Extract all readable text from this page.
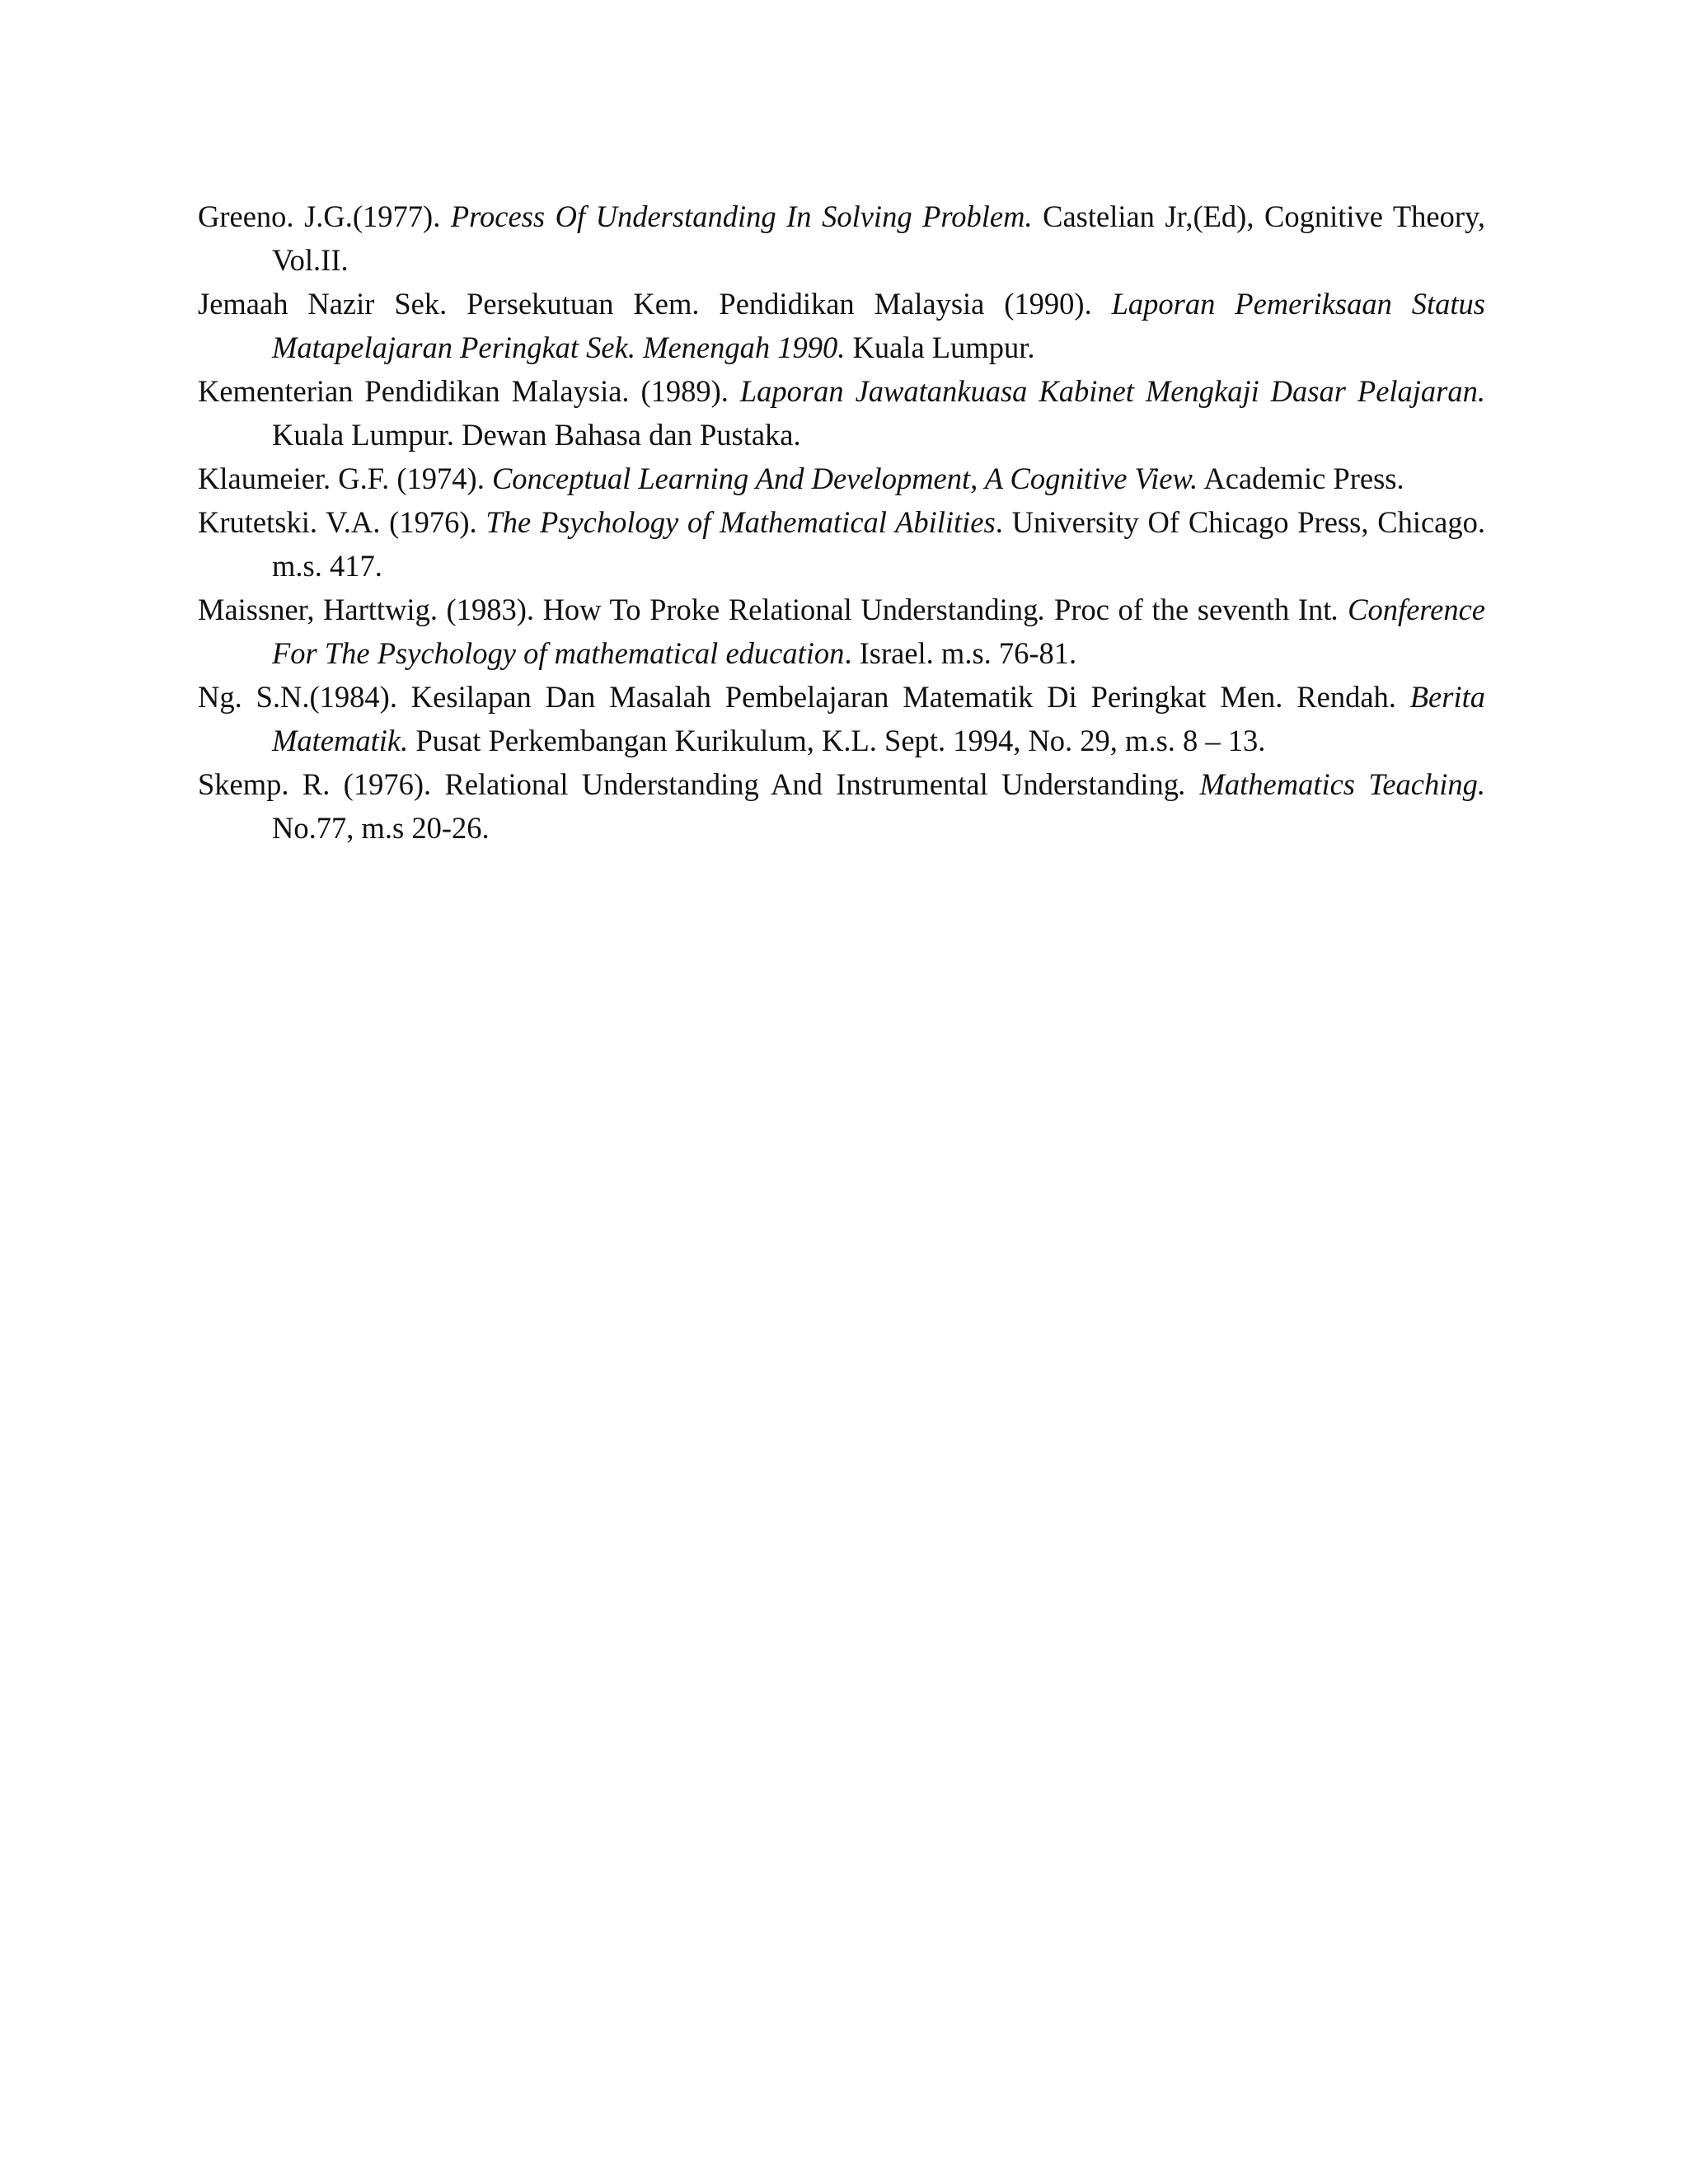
Greeno. J.G.(1977). Process Of Understanding In Solving Problem. Castelian Jr,(Ed), Cognitive Theory, Vol.II.

Jemaah Nazir Sek. Persekutuan Kem. Pendidikan Malaysia (1990). Laporan Pemeriksaan Status Matapelajaran Peringkat Sek. Menengah 1990. Kuala Lumpur.

Kementerian Pendidikan Malaysia. (1989). Laporan Jawatankuasa Kabinet Mengkaji Dasar Pelajaran. Kuala Lumpur. Dewan Bahasa dan Pustaka.

Klaumeier. G.F. (1974). Conceptual Learning And Development, A Cognitive View. Academic Press.

Krutetski. V.A. (1976). The Psychology of Mathematical Abilities. University Of Chicago Press, Chicago. m.s. 417.

Maissner, Harttwig. (1983). How To Proke Relational Understanding. Proc of the seventh Int. Conference For The Psychology of mathematical education. Israel. m.s. 76-81.

Ng. S.N.(1984). Kesilapan Dan Masalah Pembelajaran Matematik Di Peringkat Men. Rendah. Berita Matematik. Pusat Perkembangan Kurikulum, K.L. Sept. 1994, No. 29, m.s. 8 – 13.

Skemp. R. (1976). Relational Understanding And Instrumental Understanding. Mathematics Teaching. No.77, m.s 20-26.
